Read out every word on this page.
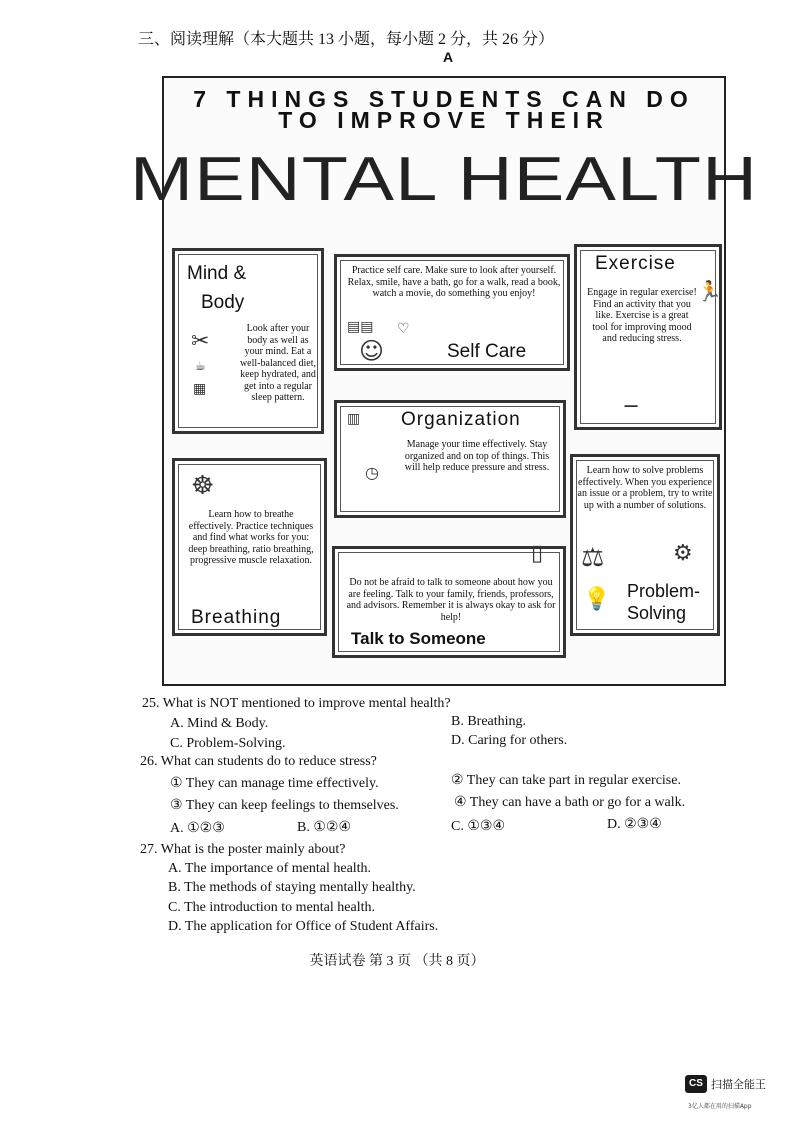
三、阅读理解（本大题共 13 小题，每小题 2 分，共 26 分）
A
7 THINGS STUDENTS CAN DO
TO IMPROVE THEIR
MENTAL HEALTH
Mind &
Body
✂
☕
▦
Look after your body as well as your mind. Eat a well-balanced diet, keep hydrated, and get into a regular sleep pattern.
Practice self care. Make sure to look after yourself. Relax, smile, have a bath, go for a walk, read a book, watch a movie, do something you enjoy!
▤▤ ♡
☺	Self Care
Exercise
🏃
Engage in regular exercise! Find an activity that you like. Exercise is a great tool for improving mood and reducing stress.
⚊
Organization
▥
◷
Manage your time effectively. Stay organized and on top of things. This will help reduce pressure and stress.
☸
Learn how to breathe effectively. Practice techniques and find what works for you: deep breathing, ratio breathing, progressive muscle relaxation.
Breathing
▯
Do not be afraid to talk to someone about how you are feeling. Talk to your family, friends, professors, and advisors. Remember it is always okay to ask for help!
Talk to Someone
Learn how to solve problems effectively. When you experience an issue or a problem, try to write up with a number of solutions.
⚖	⚙
💡 Problem-
Solving
25. What is NOT mentioned to improve mental health?
A. Mind & Body.	B. Breathing.
C. Problem-Solving.	D. Caring for others.
26. What can students do to reduce stress?
① They can manage time effectively.	② They can take part in regular exercise.
③ They can keep feelings to themselves.	④ They can have a bath or go for a walk.
A. ①②③	B. ①②④	C. ①③④	D. ②③④
27. What is the poster mainly about?
A. The importance of mental health.
B. The methods of staying mentally healthy.
C. The introduction to mental health.
D. The application for Office of Student Affairs.
英语试卷 第 3 页 （共 8 页）
CS 扫描全能王
3亿人都在用的扫描App
